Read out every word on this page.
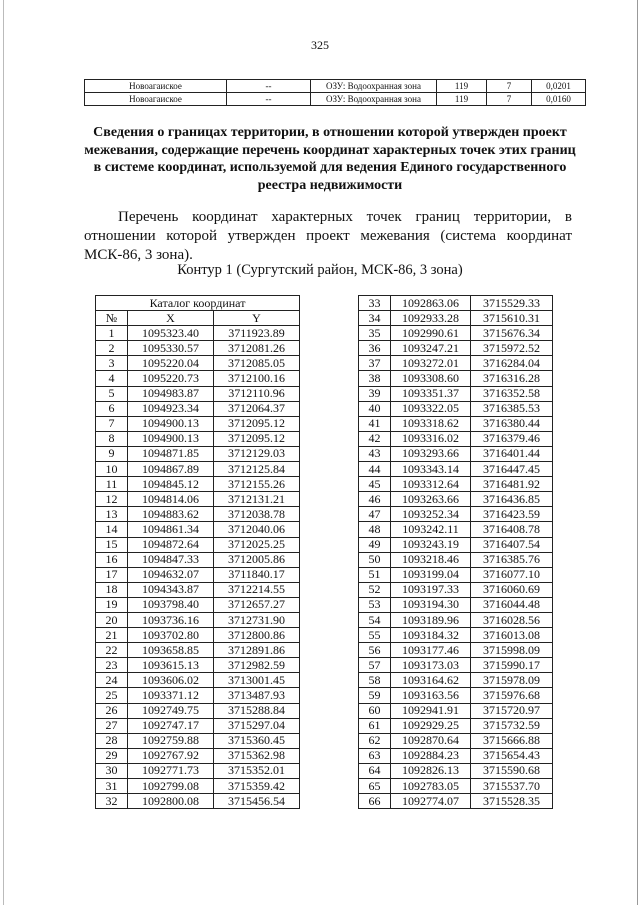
325
Новоагаиское	--	ОЗУ: Водоохранная зона	119	7	0,0201
Новоагаиское	--	ОЗУ: Водоохранная зона	119	7	0,0160
Сведения о границах территории, в отношении которой утвержден проект межевания, содержащие перечень координат характерных точек этих границ в системе координат, используемой для ведения Единого государственного реестра недвижимости
Перечень координат характерных точек границ территории, в отношении которой утвержден проект межевания (система координат МСК-86, 3 зона).
Контур 1 (Сургутский район, МСК-86, 3 зона)
Каталог координат		
№	X	Y
1	1095323.40	3711923.89
2	1095330.57	3712081.26
3	1095220.04	3712085.05
4	1095220.73	3712100.16
5	1094983.87	3712110.96
6	1094923.34	3712064.37
7	1094900.13	3712095.12
8	1094900.13	3712095.12
9	1094871.85	3712129.03
10	1094867.89	3712125.84
11	1094845.12	3712155.26
12	1094814.06	3712131.21
13	1094883.62	3712038.78
14	1094861.34	3712040.06
15	1094872.64	3712025.25
16	1094847.33	3712005.86
17	1094632.07	3711840.17
18	1094343.87	3712214.55
19	1093798.40	3712657.27
20	1093736.16	3712731.90
21	1093702.80	3712800.86
22	1093658.85	3712891.86
23	1093615.13	3712982.59
24	1093606.02	3713001.45
25	1093371.12	3713487.93
26	1092749.75	3715288.84
27	1092747.17	3715297.04
28	1092759.88	3715360.45
29	1092767.92	3715362.98
30	1092771.73	3715352.01
31	1092799.08	3715359.42
32	1092800.08	3715456.54
33	1092863.06	3715529.33
34	1092933.28	3715610.31
35	1092990.61	3715676.34
36	1093247.21	3715972.52
37	1093272.01	3716284.04
38	1093308.60	3716316.28
39	1093351.37	3716352.58
40	1093322.05	3716385.53
41	1093318.62	3716380.44
42	1093316.02	3716379.46
43	1093293.66	3716401.44
44	1093343.14	3716447.45
45	1093312.64	3716481.92
46	1093263.66	3716436.85
47	1093252.34	3716423.59
48	1093242.11	3716408.78
49	1093243.19	3716407.54
50	1093218.46	3716385.76
51	1093199.04	3716077.10
52	1093197.33	3716060.69
53	1093194.30	3716044.48
54	1093189.96	3716028.56
55	1093184.32	3716013.08
56	1093177.46	3715998.09
57	1093173.03	3715990.17
58	1093164.62	3715978.09
59	1093163.56	3715976.68
60	1092941.91	3715720.97
61	1092929.25	3715732.59
62	1092870.64	3715666.88
63	1092884.23	3715654.43
64	1092826.13	3715590.68
65	1092783.05	3715537.70
66	1092774.07	3715528.35
